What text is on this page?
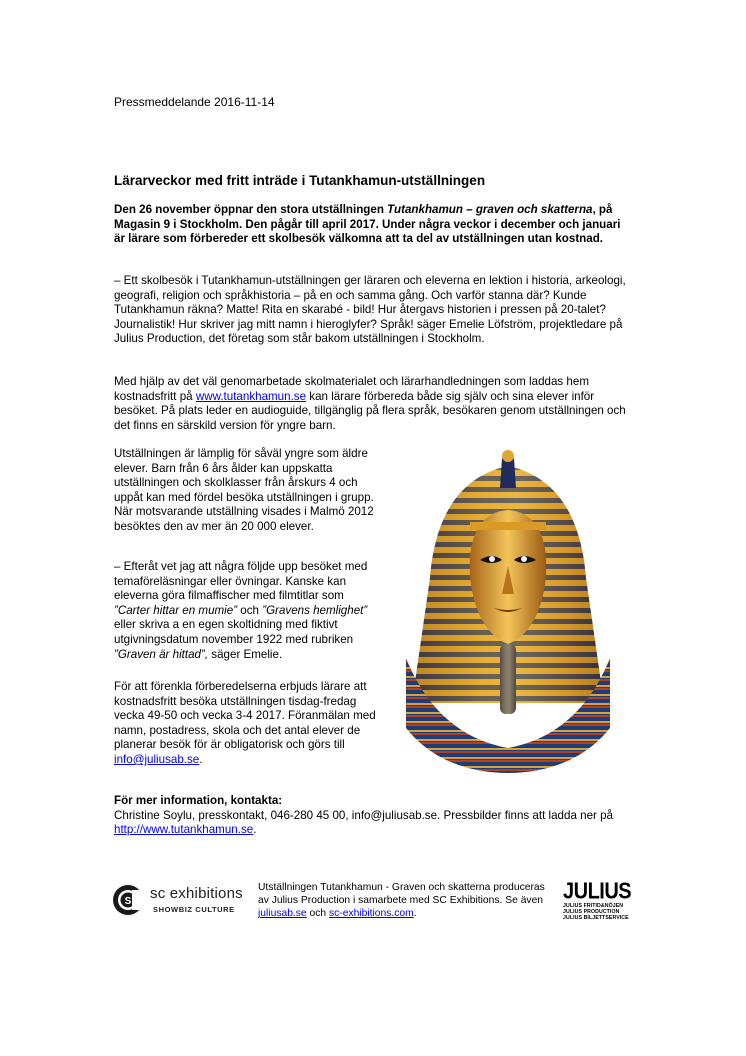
Pressmeddelande 2016-11-14
Lärarveckor med fritt inträde i Tutankhamun-utställningen

Den 26 november öppnar den stora utställningen Tutankhamun – graven och skatterna, på Magasin 9 i Stockholm. Den pågår till april 2017. Under några veckor i december och januari är lärare som förbereder ett skolbesök välkomna att ta del av utställningen utan kostnad.

– Ett skolbesök i Tutankhamun-utställningen ger läraren och eleverna en lektion i historia, arkeologi, geografi, religion och språkhistoria – på en och samma gång. Och varför stanna där? Kunde Tutankhamun räkna? Matte! Rita en skarabé - bild! Hur återgavs historien i pressen på 20-talet? Journalistik! Hur skriver jag mitt namn i hieroglyfer? Språk! säger Emelie Löfström, projektledare på Julius Production, det företag som står bakom utställningen i Stockholm.

Med hjälp av det väl genomarbetade skolmaterialet och lärarhandledningen som laddas hem kostnadsfritt på www.tutankhamun.se kan lärare förbereda både sig själv och sina elever inför besöket. På plats leder en audioguide, tillgänglig på flera språk, besökaren genom utställningen och det finns en särskild version för yngre barn.

Utställningen är lämplig för såväl yngre som äldre elever. Barn från 6 års ålder kan uppskatta utställningen och skolklasser från årskurs 4 och uppåt kan med fördel besöka utställningen i grupp. När motsvarande utställning visades i Malmö 2012 besöktes den av mer än 20 000 elever.

– Efteråt vet jag att några följde upp besöket med temaföreläsningar eller övningar. Kanske kan eleverna göra filmaffischer med filmtitlar som ”Carter hittar en mumie” och ”Gravens hemlighet” eller skriva a en egen skoltidning med fiktivt utgivningsdatum november 1922 med rubriken ”Graven är hittad”, säger Emelie.

För att förenkla förberedelserna erbjuds lärare att kostnadsfritt besöka utställningen tisdag-fredag vecka 49-50 och vecka 3-4 2017. Föranmälan med namn, postadress, skola och det antal elever de planerar besök för är obligatorisk och görs till info@juliusab.se.

För mer information, kontakta:
Christine Soylu, presskontakt, 046-280 45 00, info@juliusab.se. Pressbilder finns att ladda ner på http://www.tutankhamun.se.
S sc exhibitions
SHOWBIZ CULTURE

Utställningen Tutankhamun - Graven och skatterna produceras av Julius Production i samarbete med SC Exhibitions. Se även juliusab.se och sc-exhibitions.com.

JULIUS
JULIUS FRITID&NÖJEN
JULIUS PRODUCTION
JULIUS BILJETTSERVICE
